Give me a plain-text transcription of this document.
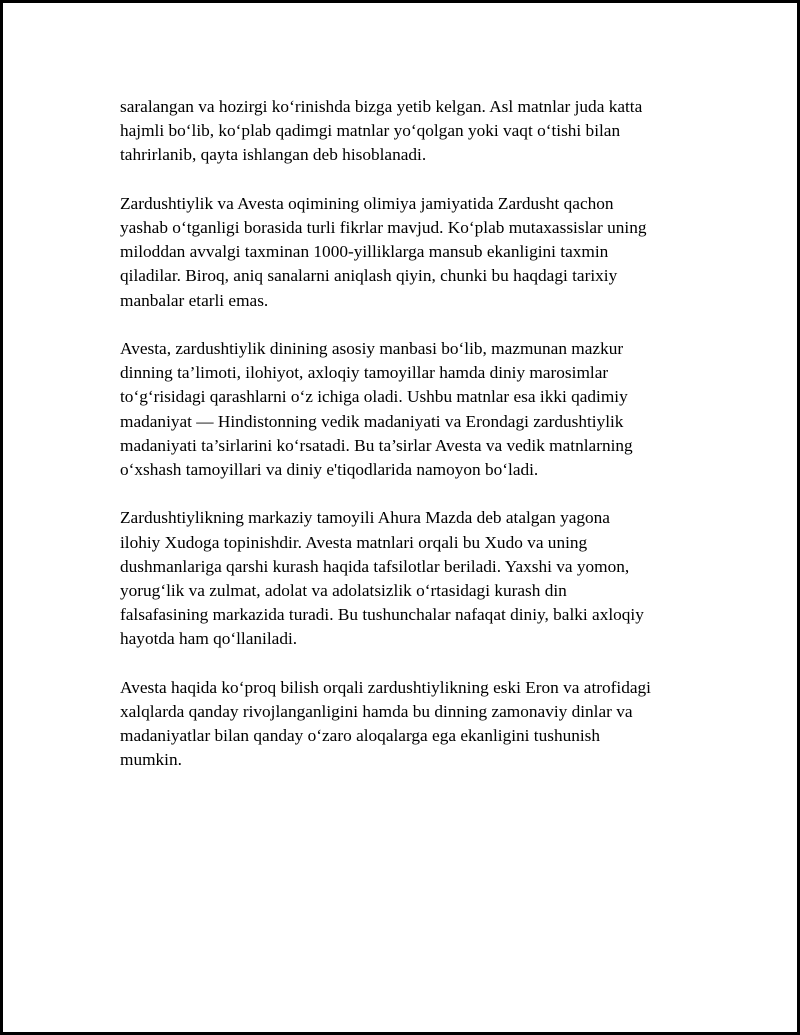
saralangan va hozirgi koʻrinishda bizga yetib kelgan. Asl matnlar juda katta
hajmli boʻlib, koʻplab qadimgi matnlar yoʻqolgan yoki vaqt oʻtishi bilan
tahrirlanib, qayta ishlangan deb hisoblanadi.

Zardushtiylik va Avesta oqimining olimiya jamiyatida Zardusht qachon
yashab oʻtganligi borasida turli fikrlar mavjud. Koʻplab mutaxassislar uning
miloddan avvalgi taxminan 1000-yilliklarga mansub ekanligini taxmin
qiladilar. Biroq, aniq sanalarni aniqlash qiyin, chunki bu haqdagi tarixiy
manbalar etarli emas.

Avesta, zardushtiylik dinining asosiy manbasi boʻlib, mazmunan mazkur
dinning ta’limoti, ilohiyot, axloqiy tamoyillar hamda diniy marosimlar
toʻgʻrisidagi qarashlarni oʻz ichiga oladi. Ushbu matnlar esa ikki qadimiy
madaniyat — Hindistonning vedik madaniyati va Erondagi zardushtiylik
madaniyati ta’sirlarini koʻrsatadi. Bu ta’sirlar Avesta va vedik matnlarning
oʻxshash tamoyillari va diniy e'tiqodlarida namoyon boʻladi.

Zardushtiylikning markaziy tamoyili Ahura Mazda deb atalgan yagona
ilohiy Xudoga topinishdir. Avesta matnlari orqali bu Xudo va uning
dushmanlariga qarshi kurash haqida tafsilotlar beriladi. Yaxshi va yomon,
yorugʻlik va zulmat, adolat va adolatsizlik oʻrtasidagi kurash din
falsafasining markazida turadi. Bu tushunchalar nafaqat diniy, balki axloqiy
hayotda ham qoʻllaniladi.

Avesta haqida koʻproq bilish orqali zardushtiylikning eski Eron va atrofidagi
xalqlarda qanday rivojlanganligini hamda bu dinning zamonaviy dinlar va
madaniyatlar bilan qanday oʻzaro aloqalarga ega ekanligini tushunish
mumkin.
